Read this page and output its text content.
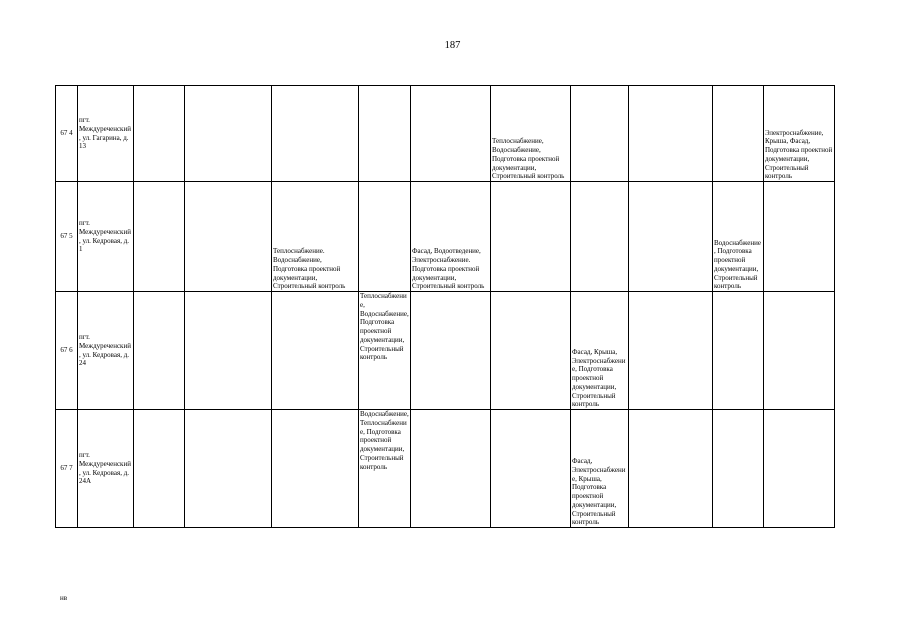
187
67 4	пгт. Междуреченский, ул. Гагарина, д. 13						Теплоснабжение, Водоснабжение, Подготовка проектной документации, Строительный контроль				Электроснабжение, Крыша, Фасад, Подготовка проектной документации, Строительный контроль
67 5	пгт. Междуреченский, ул. Кедровая, д. 1			Теплоснабжение. Водоснабжение, Подготовка проектной документации, Строительный контроль		Фасад, Водоотведение, Электроснабжение. Подготовка проектной документации, Строительный контроль				Водоснабжение, Подготовка проектной документации, Строительный контроль	
67 6	пгт. Междуреченский, ул. Кедровая, д. 24				Теплоснабжение, Водоснабжение, Подготовка проектной документации, Строительный контроль			Фасад, Крыша, Электроснабжение, Подготовка проектной документации, Строительный контроль			
67 7	пгт. Междуреченский, ул. Кедровая, д. 24А				Водоснабжение, Теплоснабжение, Подготовка проектной документации, Строительный контроль			Фасад, Электроснабжение, Крыша, Подготовка проектной документации, Строительный контроль			
нв
